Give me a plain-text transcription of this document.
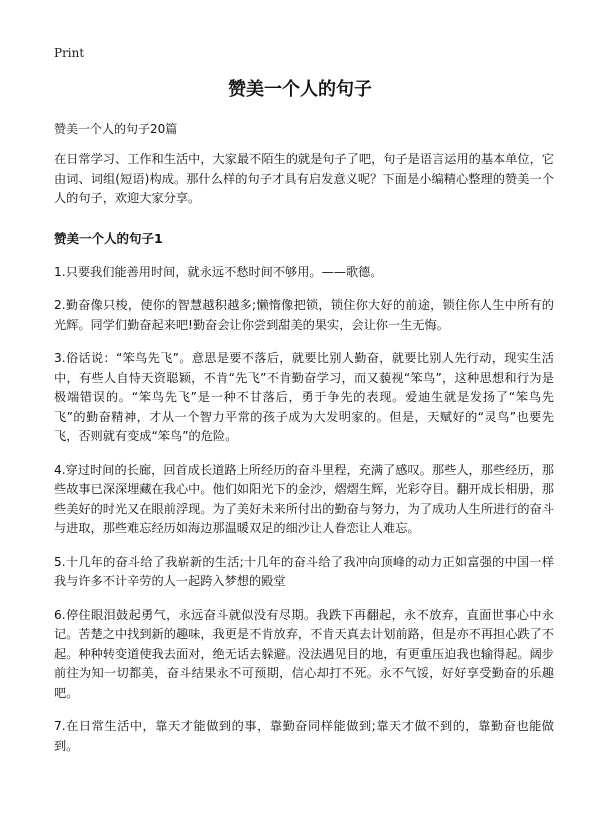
Print
赞美一个人的句子
赞美一个人的句子20篇

在日常学习、工作和生活中，大家最不陌生的就是句子了吧，句子是语言运用的基本单位，它由词、词组(短语)构成。那什么样的句子才具有启发意义呢？下面是小编精心整理的赞美一个人的句子，欢迎大家分享。

赞美一个人的句子1

1.只要我们能善用时间，就永远不愁时间不够用。——歌德。

2.勤奋像只梭，使你的智慧越积越多;懒惰像把锁，锁住你大好的前途，锁住你人生中所有的光辉。同学们勤奋起来吧!勤奋会让你尝到甜美的果实，会让你一生无悔。

3.俗话说：“笨鸟先飞”。意思是要不落后，就要比别人勤奋，就要比别人先行动，现实生活中，有些人自恃天资聪颖，不肯“先飞”不肯勤奋学习，而又藐视“笨鸟”，这种思想和行为是极端错误的。“笨鸟先飞”是一种不甘落后，勇于争先的表现。爱迪生就是发扬了“笨鸟先飞”的勤奋精神，才从一个智力平常的孩子成为大发明家的。但是，天赋好的“灵鸟”也要先飞，否则就有变成“笨鸟”的危险。

4.穿过时间的长廊，回首成长道路上所经历的奋斗里程，充满了感叹。那些人，那些经历，那些故事已深深埋藏在我心中。他们如阳光下的金沙，熠熠生辉，光彩夺目。翻开成长相册，那些美好的时光又在眼前浮现。为了美好未来所付出的勤奋与努力，为了成功人生所进行的奋斗与进取，那些难忘经历如海边那温暖双足的细沙让人眷恋让人难忘。

5.十几年的奋斗给了我崭新的生活;十几年的奋斗给了我冲向顶峰的动力正如富强的中国一样我与许多不计辛劳的人一起跨入梦想的殿堂

6.停住眼泪鼓起勇气，永远奋斗就似没有尽期。我跌下再翻起，永不放弃，直面世事心中永记。苦楚之中找到新的趣味，我更是不肯放弃，不肯天真去计划前路，但是亦不再担心跌了不起。种种转变道使我去面对，绝无话去躲避。没法遇见目的地，有更重压迫我也输得起。阔步前往为知一切都美，奋斗结果永不可预期，信心却打不死。永不气馁，好好享受勤奋的乐趣吧。

7.在日常生活中，靠天才能做到的事，靠勤奋同样能做到;靠天才做不到的，靠勤奋也能做到。
